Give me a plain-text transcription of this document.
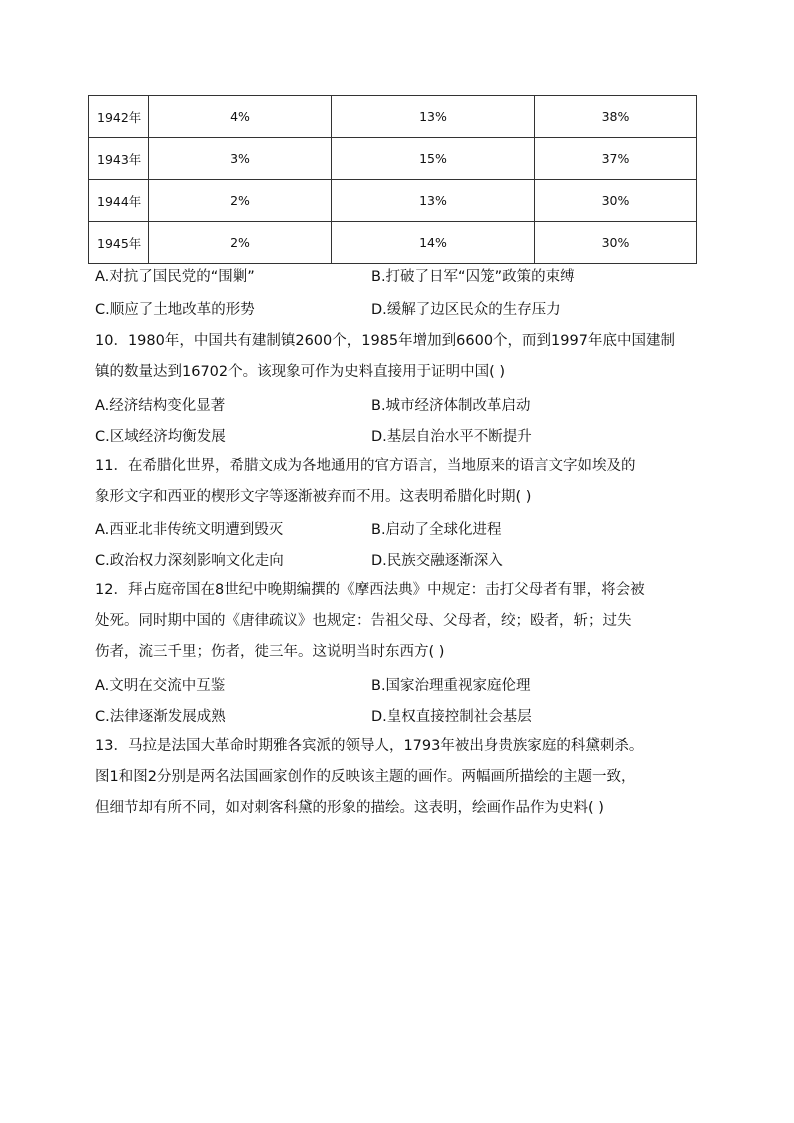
1942年	4%	13%	38%
1943年	3%	15%	37%
1944年	2%	13%	30%
1945年	2%	14%	30%
A.对抗了国民党的“围剿”	B.打破了日军“囚笼”政策的束缚
C.顺应了土地改革的形势	D.缓解了边区民众的生存压力
10．1980年，中国共有建制镇2600个，1985年增加到6600个，而到1997年底中国建制
镇的数量达到16702个。该现象可作为史料直接用于证明中国( )
A.经济结构变化显著	B.城市经济体制改革启动
C.区域经济均衡发展	D.基层自治水平不断提升
11．在希腊化世界，希腊文成为各地通用的官方语言，当地原来的语言文字如埃及的
象形文字和西亚的楔形文字等逐渐被弃而不用。这表明希腊化时期( )
A.西亚北非传统文明遭到毁灭	B.启动了全球化进程
C.政治权力深刻影响文化走向	D.民族交融逐渐深入
12．拜占庭帝国在8世纪中晚期编撰的《摩西法典》中规定：击打父母者有罪，将会被
处死。同时期中国的《唐律疏议》也规定：告祖父母、父母者，绞；殴者，斩；过失
伤者，流三千里；伤者，徙三年。这说明当时东西方( )
A.文明在交流中互鉴	B.国家治理重视家庭伦理
C.法律逐渐发展成熟	D.皇权直接控制社会基层
13．马拉是法国大革命时期雅各宾派的领导人，1793年被出身贵族家庭的科黛刺杀。
图1和图2分别是两名法国画家创作的反映该主题的画作。两幅画所描绘的主题一致，
但细节却有所不同，如对刺客科黛的形象的描绘。这表明，绘画作品作为史料( )
